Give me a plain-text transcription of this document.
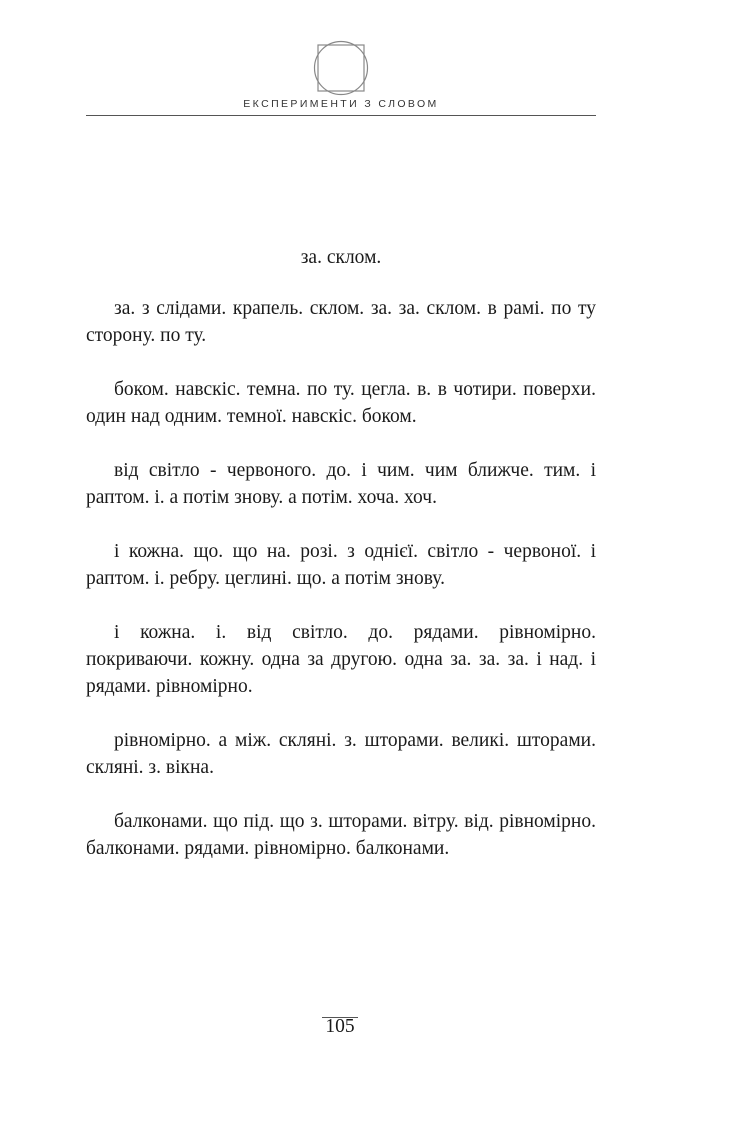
ЕКСПЕРИМЕНТИ З СЛОВОМ
за. склом.

за. з слідами. крапель. склом. за. за. склом. в рамі. по ту сторону. по ту.

боком. навскіс. темна. по ту. цегла. в. в чотири. поверхи. один над одним. темної. навскіс. боком.

від світло - червоного. до. і чим. чим ближче. тим. і раптом. і. а потім знову. а потім. хоча. хоч.

і кожна. що. що на. розі. з однієї. світло - червоної. і раптом. і. ребру. цеглині. що. а потім знову.

і кожна. і. від світло. до. рядами. рівномірно. покриваючи. кожну. одна за другою. одна за. за. за. і над. і рядами. рівномірно.

рівномірно. а між. скляні. з. шторами. великі. шторами. скляні. з. вікна.

балконами. що під. що з. шторами. вітру. від. рівномірно. балконами. рядами. рівномірно. балконами.

105
